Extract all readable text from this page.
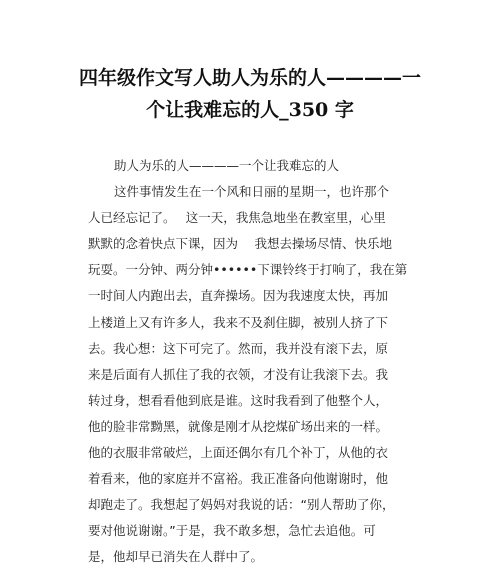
四年级作文写人助人为乐的人————一
个让我难忘的人_350 字
助人为乐的人————一个让我难忘的人
这件事情发生在一个风和日丽的星期一，也许那个
人已经忘记了。　 这一天，我焦急地坐在教室里，心里
默默的念着快点下课，因为　 我想去操场尽情、快乐地
玩耍。一分钟、两分钟••••••下课铃终于打响了，我在第
一时间人内跑出去，直奔操场。因为我速度太快，再加
上楼道上又有许多人，我来不及刹住脚，被别人挤了下
去。我心想：这下可完了。然而，我并没有滚下去，原
来是后面有人抓住了我的衣领，才没有让我滚下去。我
转过身，想看看他到底是谁。这时我看到了他整个人，
他的脸非常黝黑，就像是刚才从挖煤矿场出来的一样。
他的衣服非常破烂，上面还偶尔有几个补丁，从他的衣
着看来，他的家庭并不富裕。我正准备向他谢谢时，他
却跑走了。我想起了妈妈对我说的话：“别人帮助了你，
要对他说谢谢。”于是，我不敢多想，急忙去追他。可
是，他却早已消失在人群中了。
